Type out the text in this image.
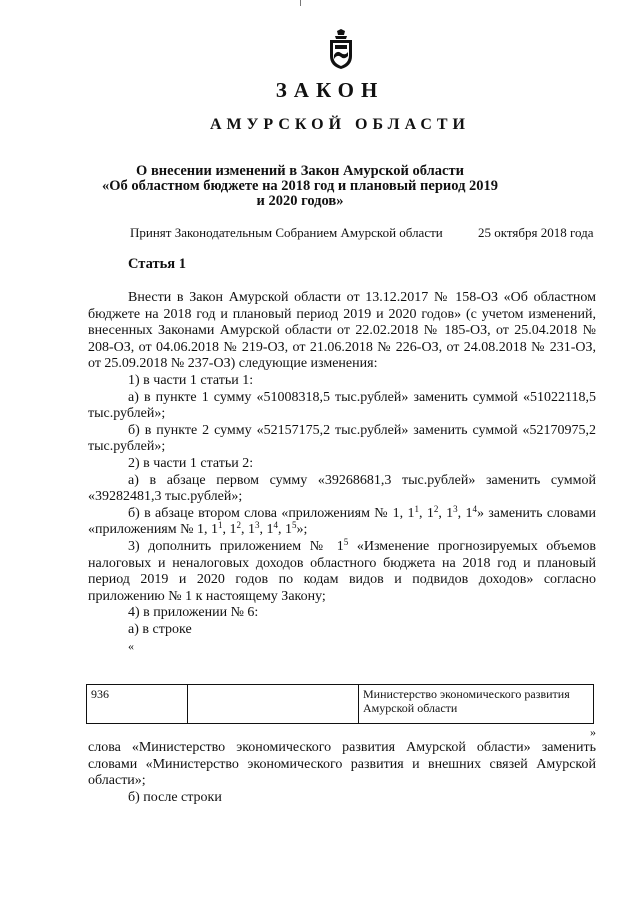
ЗАКОН
АМУРСКОЙ ОБЛАСТИ
О внесении изменений в Закон Амурской области
«Об областном бюджете на 2018 год и плановый период 2019 и 2020 годов»
Принят Законодательным Собранием Амурской области	25 октября 2018 года
Статья 1

Внести в Закон Амурской области от 13.12.2017 № 158-ОЗ «Об областном бюджете на 2018 год и плановый период 2019 и 2020 годов» (с учетом изменений, внесенных Законами Амурской области от 22.02.2018 № 185-ОЗ, от 25.04.2018 № 208-ОЗ, от 04.06.2018 № 219-ОЗ, от 21.06.2018 № 226-ОЗ, от 24.08.2018 № 231-ОЗ, от 25.09.2018 № 237-ОЗ) следующие изменения:

1) в части 1 статьи 1:

а) в пункте 1 сумму «51008318,5 тыс.рублей» заменить суммой «51022118,5 тыс.рублей»;

б) в пункте 2 сумму «52157175,2 тыс.рублей» заменить суммой «52170975,2 тыс.рублей»;

2) в части 1 статьи 2:

а) в абзаце первом сумму «39268681,3 тыс.рублей» заменить суммой «39282481,3 тыс.рублей»;

б) в абзаце втором слова «приложениям № 1, $1^1$, $1^2$, $1^3$, $1^4$» заменить словами «приложениям № 1, $1^1$, $1^2$, $1^3$, $1^4$, $1^5$»;

3) дополнить приложением № $1^5$ «Изменение прогнозируемых объемов налоговых и неналоговых доходов областного бюджета на 2018 год и плановый период 2019 и 2020 годов по кодам видов и подвидов доходов» согласно приложению № 1 к настоящему Закону;

4) в приложении № 6:

а) в строке

«

936		Министерство экономического развития Амурской области
»

слова «Министерство экономического развития Амурской области» заменить словами «Министерство экономического развития и внешних связей Амурской области»;

б) после строки
